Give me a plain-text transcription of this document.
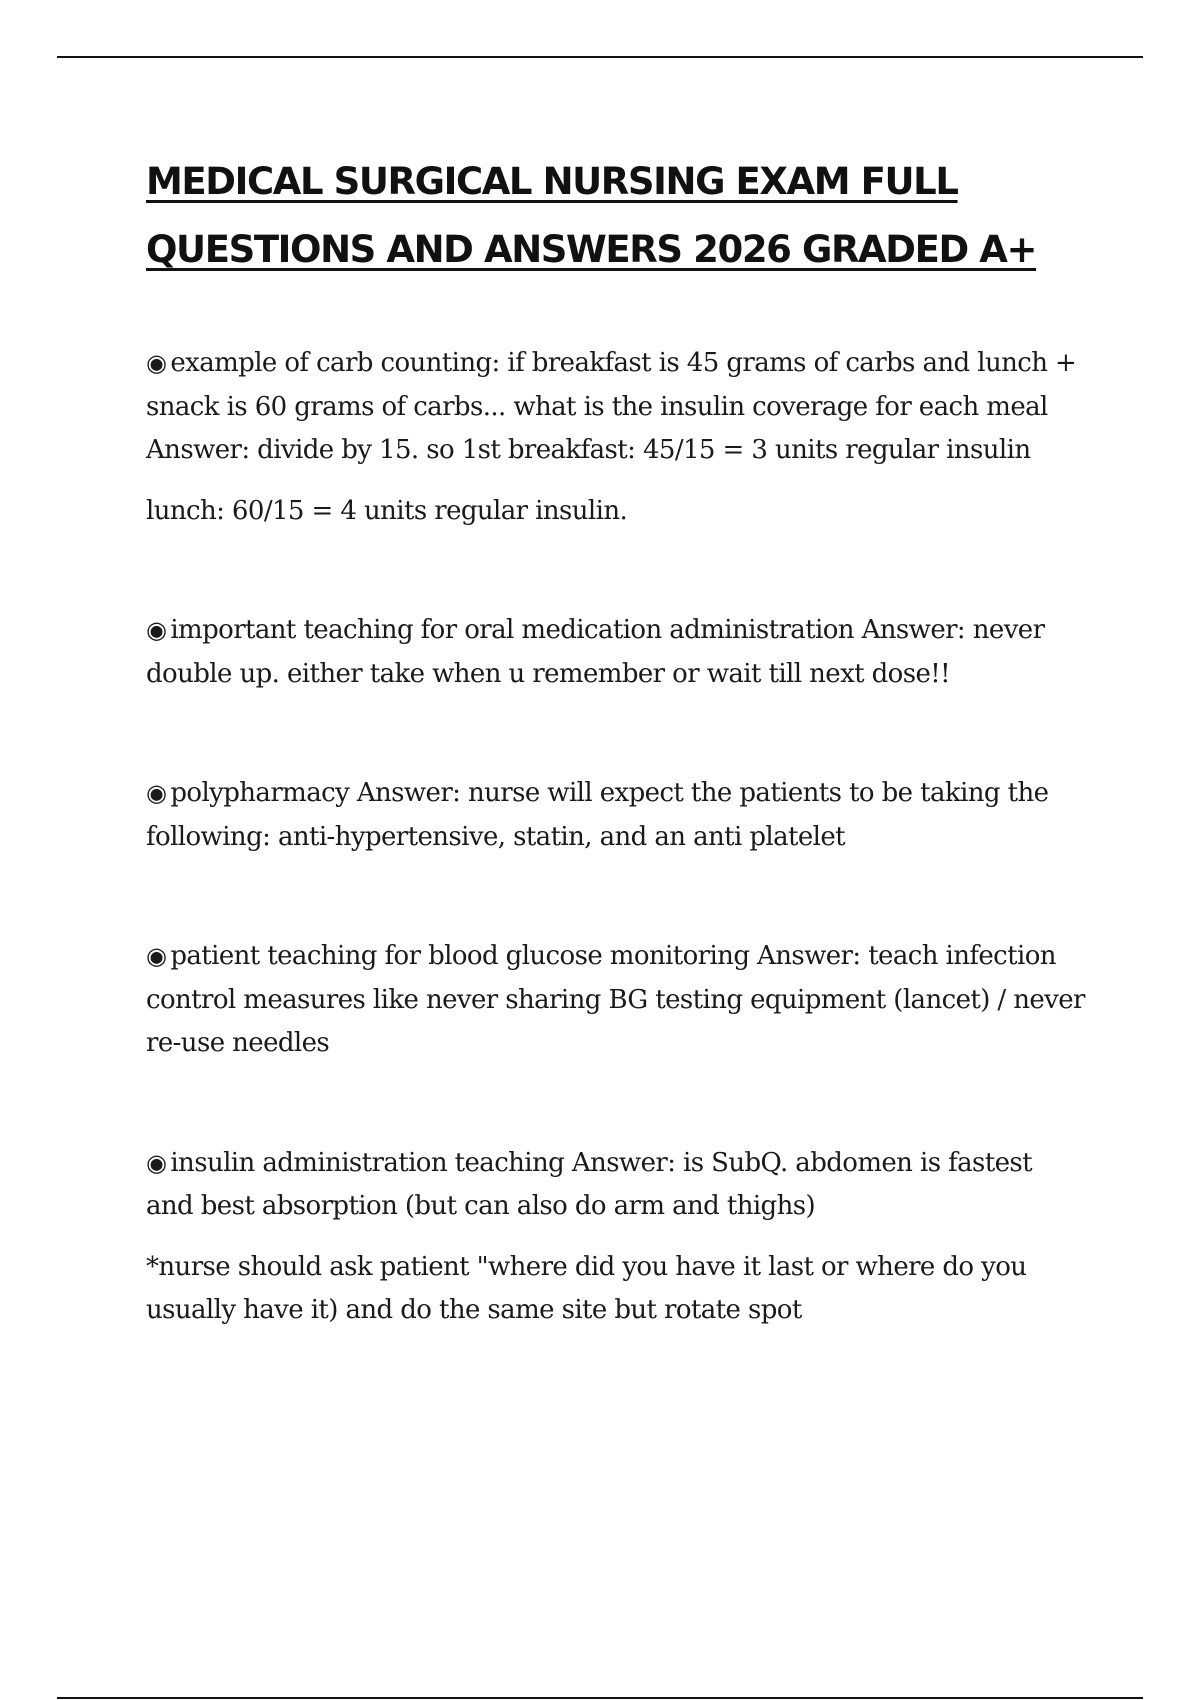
MEDICAL SURGICAL NURSING EXAM FULL
QUESTIONS AND ANSWERS 2026 GRADED A+

◉ example of carb counting: if breakfast is 45 grams of carbs and lunch + snack is 60 grams of carbs... what is the insulin coverage for each meal Answer: divide by 15. so 1st breakfast: 45/15 = 3 units regular insulin

lunch: 60/15 = 4 units regular insulin.

◉ important teaching for oral medication administration Answer: never double up. either take when u remember or wait till next dose!!

◉ polypharmacy Answer: nurse will expect the patients to be taking the following: anti-hypertensive, statin, and an anti platelet

◉ patient teaching for blood glucose monitoring Answer: teach infection control measures like never sharing BG testing equipment (lancet) / never re-use needles

◉ insulin administration teaching Answer: is SubQ. abdomen is fastest and best absorption (but can also do arm and thighs)

*nurse should ask patient "where did you have it last or where do you usually have it) and do the same site but rotate spot
